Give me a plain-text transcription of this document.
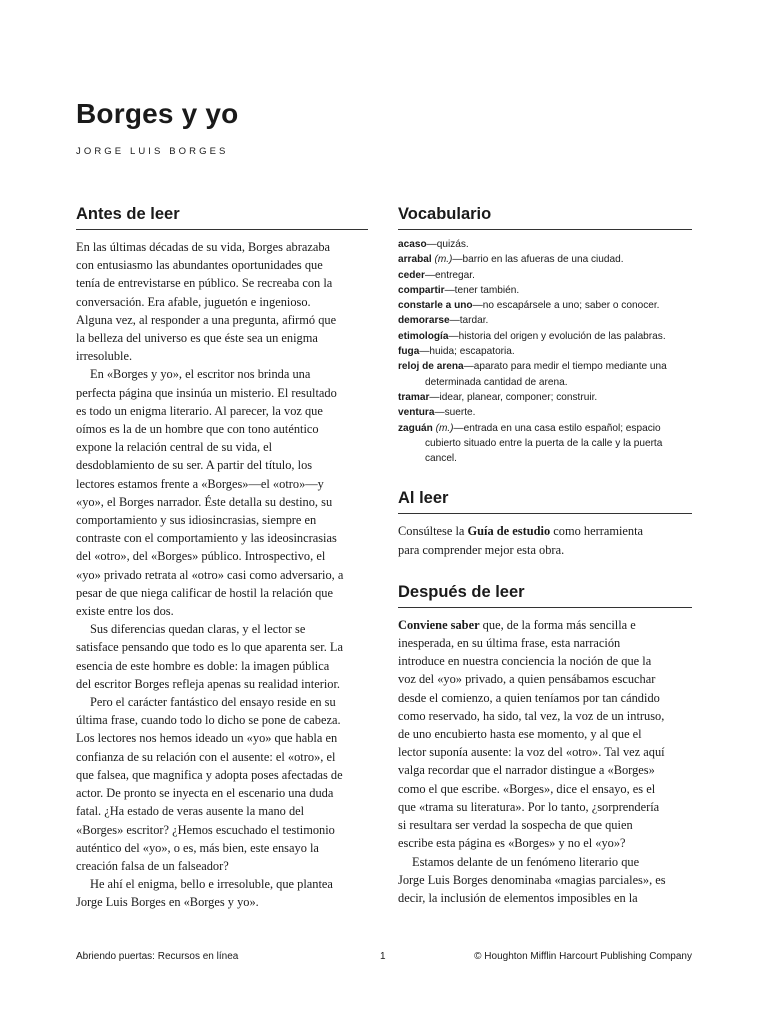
Borges y yo
JORGE LUIS BORGES
Antes de leer

En las últimas décadas de su vida, Borges abrazaba

con entusiasmo las abundantes oportunidades que

tenía de entrevistarse en público. Se recreaba con la

conversación. Era afable, juguetón e ingenioso.

Alguna vez, al responder a una pregunta, afirmó que

la belleza del universo es que éste sea un enigma

irresoluble.

En «Borges y yo», el escritor nos brinda una

perfecta página que insinúa un misterio. El resultado

es todo un enigma literario. Al parecer, la voz que

oímos es la de un hombre que con tono auténtico

expone la relación central de su vida, el

desdoblamiento de su ser. A partir del título, los

lectores estamos frente a «Borges»—el «otro»—y

«yo», el Borges narrador. Éste detalla su destino, su

comportamiento y sus idiosincrasias, siempre en

contraste con el comportamiento y las ideosincrasias

del «otro», del «Borges» público. Introspectivo, el

«yo» privado retrata al «otro» casi como adversario, a

pesar de que niega calificar de hostil la relación que

existe entre los dos.

Sus diferencias quedan claras, y el lector se

satisface pensando que todo es lo que aparenta ser. La

esencia de este hombre es doble: la imagen pública

del escritor Borges refleja apenas su realidad interior.

Pero el carácter fantástico del ensayo reside en su

última frase, cuando todo lo dicho se pone de cabeza.

Los lectores nos hemos ideado un «yo» que habla en

confianza de su relación con el ausente: el «otro», el

que falsea, que magnifica y adopta poses afectadas de

actor. De pronto se inyecta en el escenario una duda

fatal. ¿Ha estado de veras ausente la mano del

«Borges» escritor? ¿Hemos escuchado el testimonio

auténtico del «yo», o es, más bien, este ensayo la

creación falsa de un falseador?

He ahí el enigma, bello e irresoluble, que plantea

Jorge Luis Borges en «Borges y yo».

Vocabulario
acaso—quizás.
arrabal (m.)—barrio en las afueras de una ciudad.
ceder—entregar.
compartir—tener también.
constarle a uno—no escapársele a uno; saber o conocer.
demorarse—tardar.
etimología—historia del origen y evolución de las palabras.
fuga—huida; escapatoria.
reloj de arena—aparato para medir el tiempo mediante una determinada cantidad de arena.
tramar—idear, planear, componer; construir.
ventura—suerte.
zaguán (m.)—entrada en una casa estilo español; espacio cubierto situado entre la puerta de la calle y la puerta cancel.
Al leer

Consúltese la Guía de estudio como herramienta

para comprender mejor esta obra.

Después de leer

Conviene saber que, de la forma más sencilla e

inesperada, en su última frase, esta narración

introduce en nuestra conciencia la noción de que la

voz del «yo» privado, a quien pensábamos escuchar

desde el comienzo, a quien teníamos por tan cándido

como reservado, ha sido, tal vez, la voz de un intruso,

de uno encubierto hasta ese momento, y al que el

lector suponía ausente: la voz del «otro». Tal vez aquí

valga recordar que el narrador distingue a «Borges»

como el que escribe. «Borges», dice el ensayo, es el

que «trama su literatura». Por lo tanto, ¿sorprendería

si resultara ser verdad la sospecha de que quien

escribe esta página es «Borges» y no el «yo»?

Estamos delante de un fenómeno literario que

Jorge Luis Borges denominaba «magias parciales», es

decir, la inclusión de elementos imposibles en la

Abriendo puertas: Recursos en línea	1	© Houghton Mifflin Harcourt Publishing Company
